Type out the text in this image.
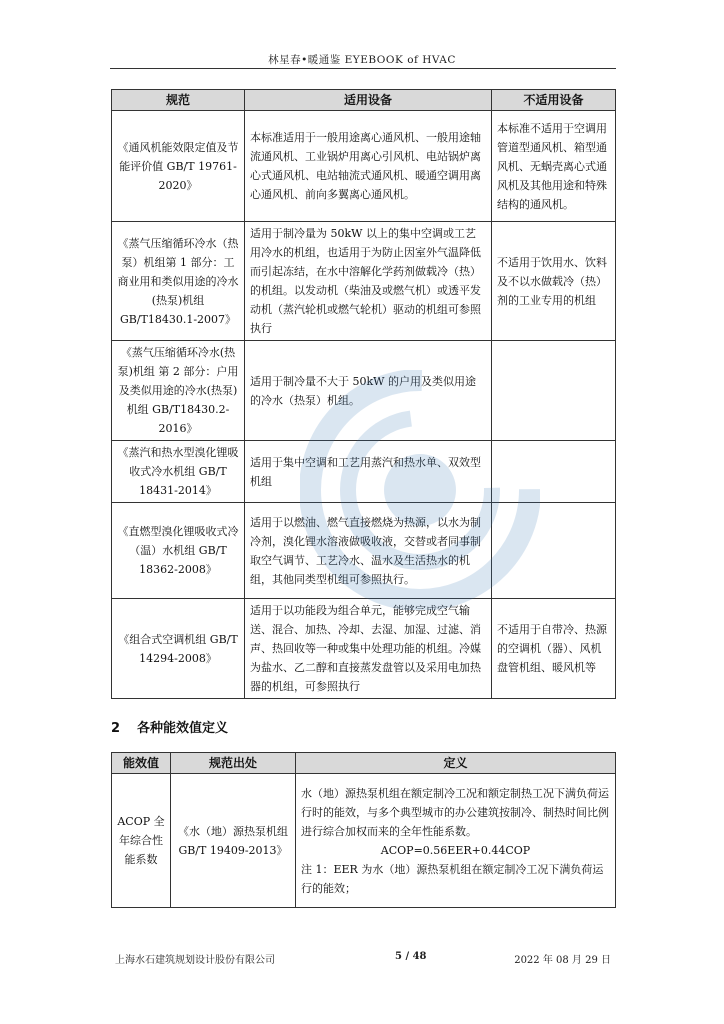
林星春•暖通鉴 EYEBOOK of HVAC
规范	适用设备	不适用设备
《通风机能效限定值及节能评价值 GB/T 19761-2020》	本标准适用于一般用途离心通风机、一般用途轴流通风机、工业锅炉用离心引风机、电站锅炉离心式通风机、电站轴流式通风机、暖通空调用离心通风机、前向多翼离心通风机。	本标准不适用于空调用管道型通风机、箱型通风机、无蜗壳离心式通风机及其他用途和特殊结构的通风机。
《蒸气压缩循环冷水（热泵）机组第 1 部分：工商业用和类似用途的冷水(热泵)机组 GB/T18430.1-2007》	适用于制冷量为 50kW 以上的集中空调或工艺用冷水的机组，也适用于为防止因室外气温降低而引起冻结，在水中溶解化学药剂做载冷（热）的机组。以发动机（柴油及或燃气机）或透平发动机（蒸汽轮机或燃气轮机）驱动的机组可参照执行	不适用于饮用水、饮料及不以水做载冷（热）剂的工业专用的机组
《蒸气压缩循环冷水(热泵)机组 第 2 部分：户用及类似用途的冷水(热泵)机组 GB/T18430.2-2016》	适用于制冷量不大于 50kW 的户用及类似用途的冷水（热泵）机组。	
《蒸汽和热水型溴化锂吸收式冷水机组 GB/T 18431-2014》	适用于集中空调和工艺用蒸汽和热水单、双效型机组	
《直燃型溴化锂吸收式冷（温）水机组 GB/T 18362-2008》	适用于以燃油、燃气直接燃烧为热源，以水为制冷剂，溴化锂水溶液做吸收液，交替或者同事制取空气调节、工艺冷水、温水及生活热水的机组，其他同类型机组可参照执行。	
《组合式空调机组 GB/T 14294-2008》	适用于以功能段为组合单元，能够完成空气输送、混合、加热、冷却、去湿、加湿、过滤、消声、热回收等一种或集中处理功能的机组。冷媒为盐水、乙二醇和直接蒸发盘管以及采用电加热器的机组，可参照执行	不适用于自带冷、热源的空调机（器）、风机盘管机组、暖风机等
2 各种能效值定义
能效值	规范出处	定义
ACOP 全年综合性能系数	《水（地）源热泵机组 GB/T 19409-2013》	水（地）源热泵机组在额定制冷工况和额定制热工况下满负荷运行时的能效，与多个典型城市的办公建筑按制冷、制热时间比例进行综合加权而来的全年性能系数。
ACOP=0.56EER+0.44COP
注 1：EER 为水（地）源热泵机组在额定制冷工况下满负荷运行的能效；
上海水石建筑规划设计股份有限公司	5 / 48	2022 年 08 月 29 日
